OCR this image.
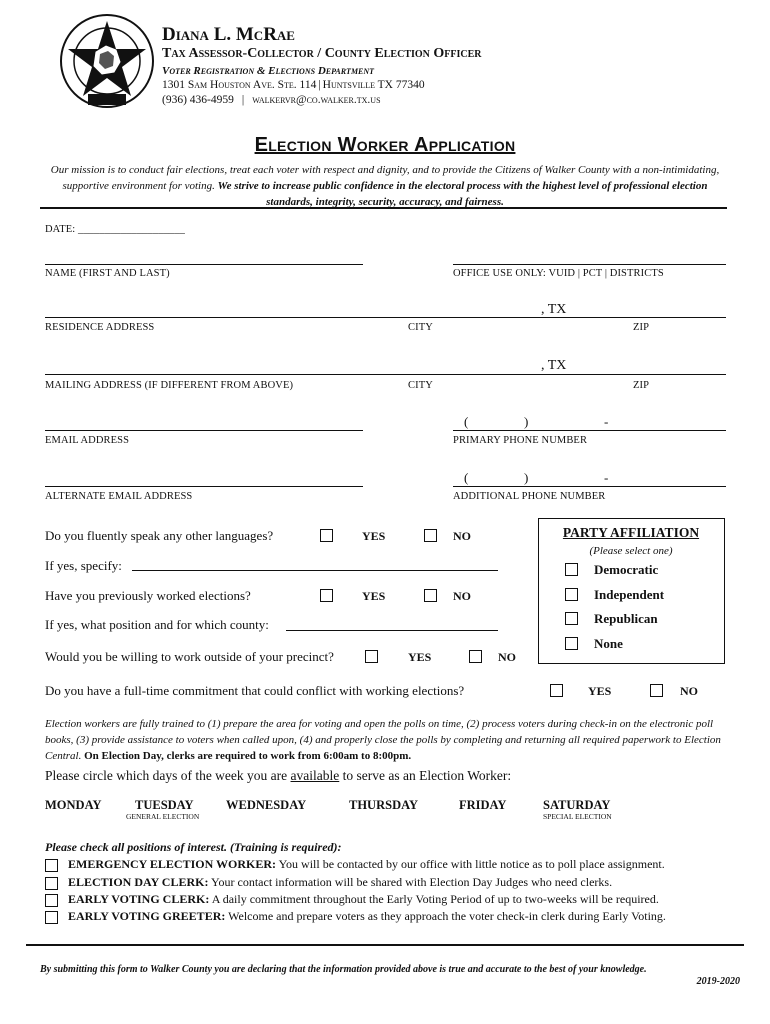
Diana L. McRae
Tax Assessor-Collector / County Election Officer
Voter Registration & Elections Department
1301 Sam Houston Ave. Ste. 114 | Huntsville TX 77340
(936) 436-4959 | walkervr@co.walker.tx.us
Election Worker Application
Our mission is to conduct fair elections, treat each voter with respect and dignity, and to provide the Citizens of Walker County with a non-intimidating, supportive environment for voting. We strive to increase public confidence in the electoral process with the highest level of professional election standards, integrity, security, accuracy, and fairness.
DATE: ____________________
NAME (FIRST AND LAST)	OFFICE USE ONLY: VUID | PCT | DISTRICTS
, TX
RESIDENCE ADDRESS	CITY	ZIP
, TX
MAILING ADDRESS (IF DIFFERENT FROM ABOVE)	CITY	ZIP
EMAIL ADDRESS
(	)	-
PRIMARY PHONE NUMBER
ALTERNATE EMAIL ADDRESS
(	)	-
ADDITIONAL PHONE NUMBER
Do you fluently speak any other languages?	YES	NO
If yes, specify:
Have you previously worked elections?	YES	NO
If yes, what position and for which county:
Would you be willing to work outside of your precinct?	YES	NO
PARTY AFFILIATION
(Please select one)
Democratic
Independent
Republican
None
Do you have a full-time commitment that could conflict with working elections?	YES	NO
Election workers are fully trained to (1) prepare the area for voting and open the polls on time, (2) process voters during check-in on the electronic poll books, (3) provide assistance to voters when called upon, (4) and properly close the polls by completing and returning all required paperwork to Election Central. On Election Day, clerks are required to work from 6:00am to 8:00pm.
Please circle which days of the week you are available to serve as an Election Worker:
MONDAY	TUESDAY
GENERAL ELECTION
WEDNESDAY	THURSDAY	FRIDAY	SATURDAY
SPECIAL ELECTION
Please check all positions of interest. (Training is required):
EMERGENCY ELECTION WORKER: You will be contacted by our office with little notice as to poll place assignment.
ELECTION DAY CLERK: Your contact information will be shared with Election Day Judges who need clerks.
EARLY VOTING CLERK: A daily commitment throughout the Early Voting Period of up to two-weeks will be required.
EARLY VOTING GREETER: Welcome and prepare voters as they approach the voter check-in clerk during Early Voting.
By submitting this form to Walker County you are declaring that the information provided above is true and accurate to the best of your knowledge.
2019-2020
